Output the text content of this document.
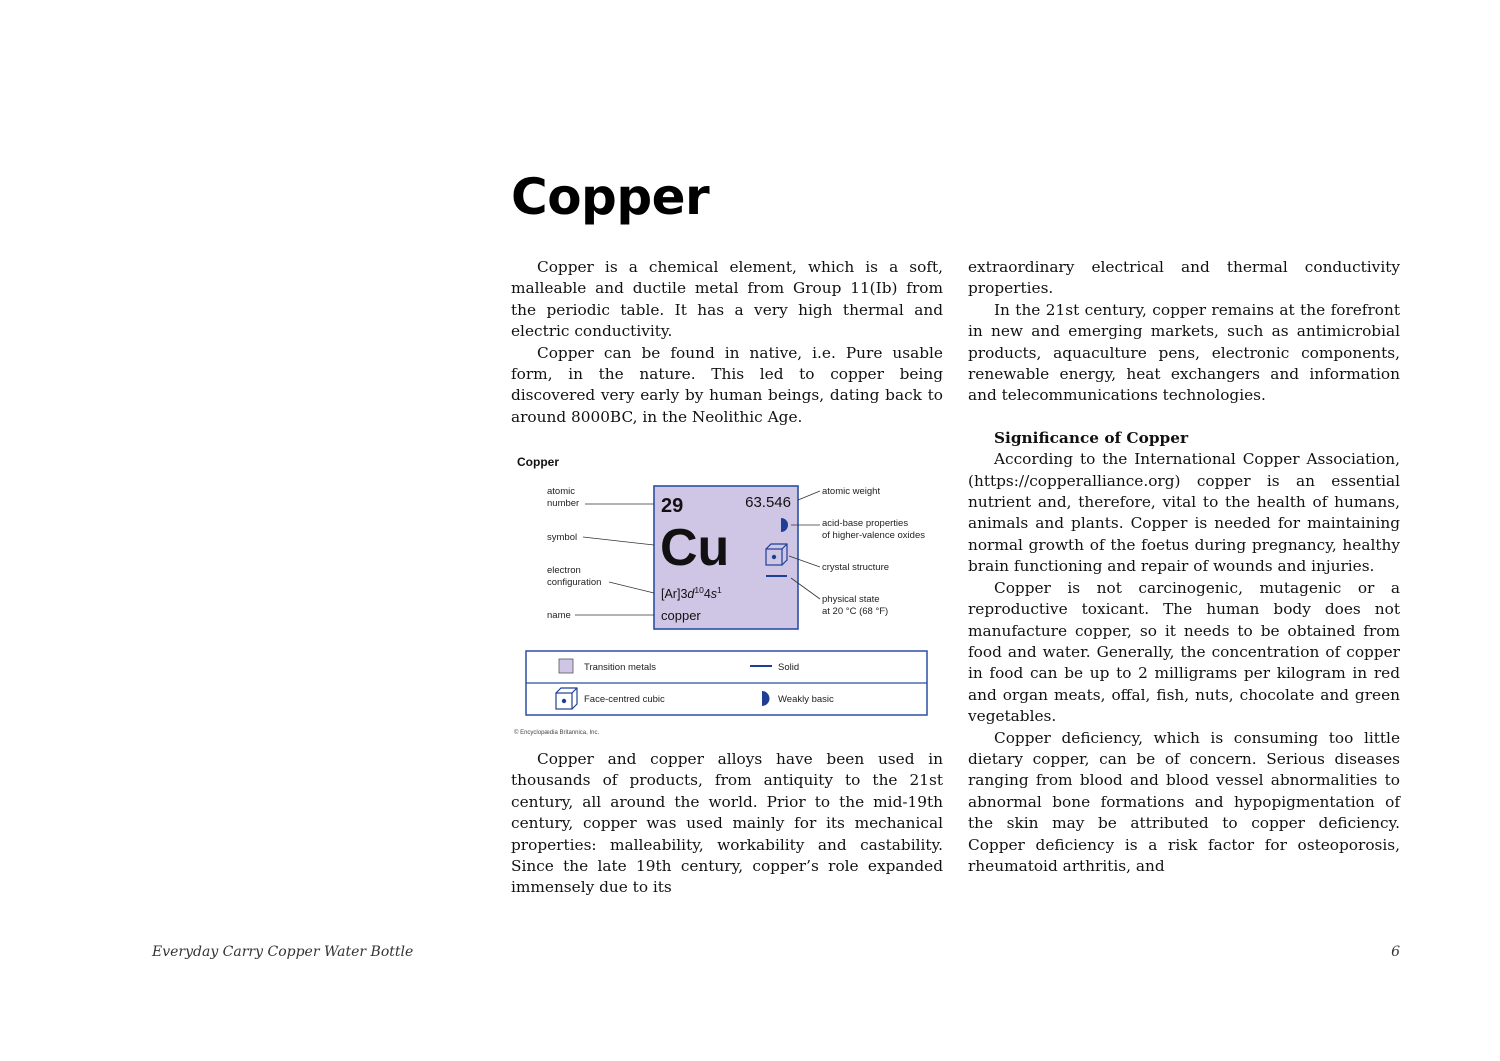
Copper

Copper is a chemical element, which is a soft, malleable and ductile metal from Group 11(Ib) from the periodic table. It has a very high thermal and electric conductivity.

Copper can be found in native, i.e. Pure usable form, in the nature. This led to copper being discovered very early by human beings, dating back to around 8000BC, in the Neolithic Age.

Copper
29	63.546
Cu
$[Ar]3d^{10}4s^1$
copper
atomic
number
symbol
electron
configuration
name
atomic weight
acid-base properties
of higher-valence oxides
crystal structure
physical state
at 20 °C (68 °F)
Transition metals	Solid
Face-centred cubic	Weakly basic
© Encyclopædia Britannica, Inc.

Copper and copper alloys have been used in thousands of products, from antiquity to the 21st century, all around the world. Prior to the mid-19th century, copper was used mainly for its mechanical properties: malleability, workability and castability. Since the late 19th century, copper’s role expanded immensely due to its

extraordinary electrical and thermal conductivity properties.

In the 21st century, copper remains at the forefront in new and emerging markets, such as antimicrobial products, aquaculture pens, electronic components, renewable energy, heat exchangers and information and telecommunications technologies.

Significance of Copper

According to the International Copper Association, (https://copperalliance.org) copper is an essential nutrient and, therefore, vital to the health of humans, animals and plants. Copper is needed for maintaining normal growth of the foetus during pregnancy, healthy brain functioning and repair of wounds and injuries.

Copper is not carcinogenic, mutagenic or a reproductive toxicant. The human body does not manufacture copper, so it needs to be obtained from food and water. Generally, the concentration of copper in food can be up to 2 milligrams per kilogram in red and organ meats, offal, fish, nuts, chocolate and green vegetables.

Copper deficiency, which is consuming too little dietary copper, can be of concern. Serious diseases ranging from blood and blood vessel abnormalities to abnormal bone formations and hypopigmentation of the skin may be attributed to copper deficiency. Copper deficiency is a risk factor for osteoporosis, rheumatoid arthritis, and

Everyday Carry Copper Water Bottle	6
